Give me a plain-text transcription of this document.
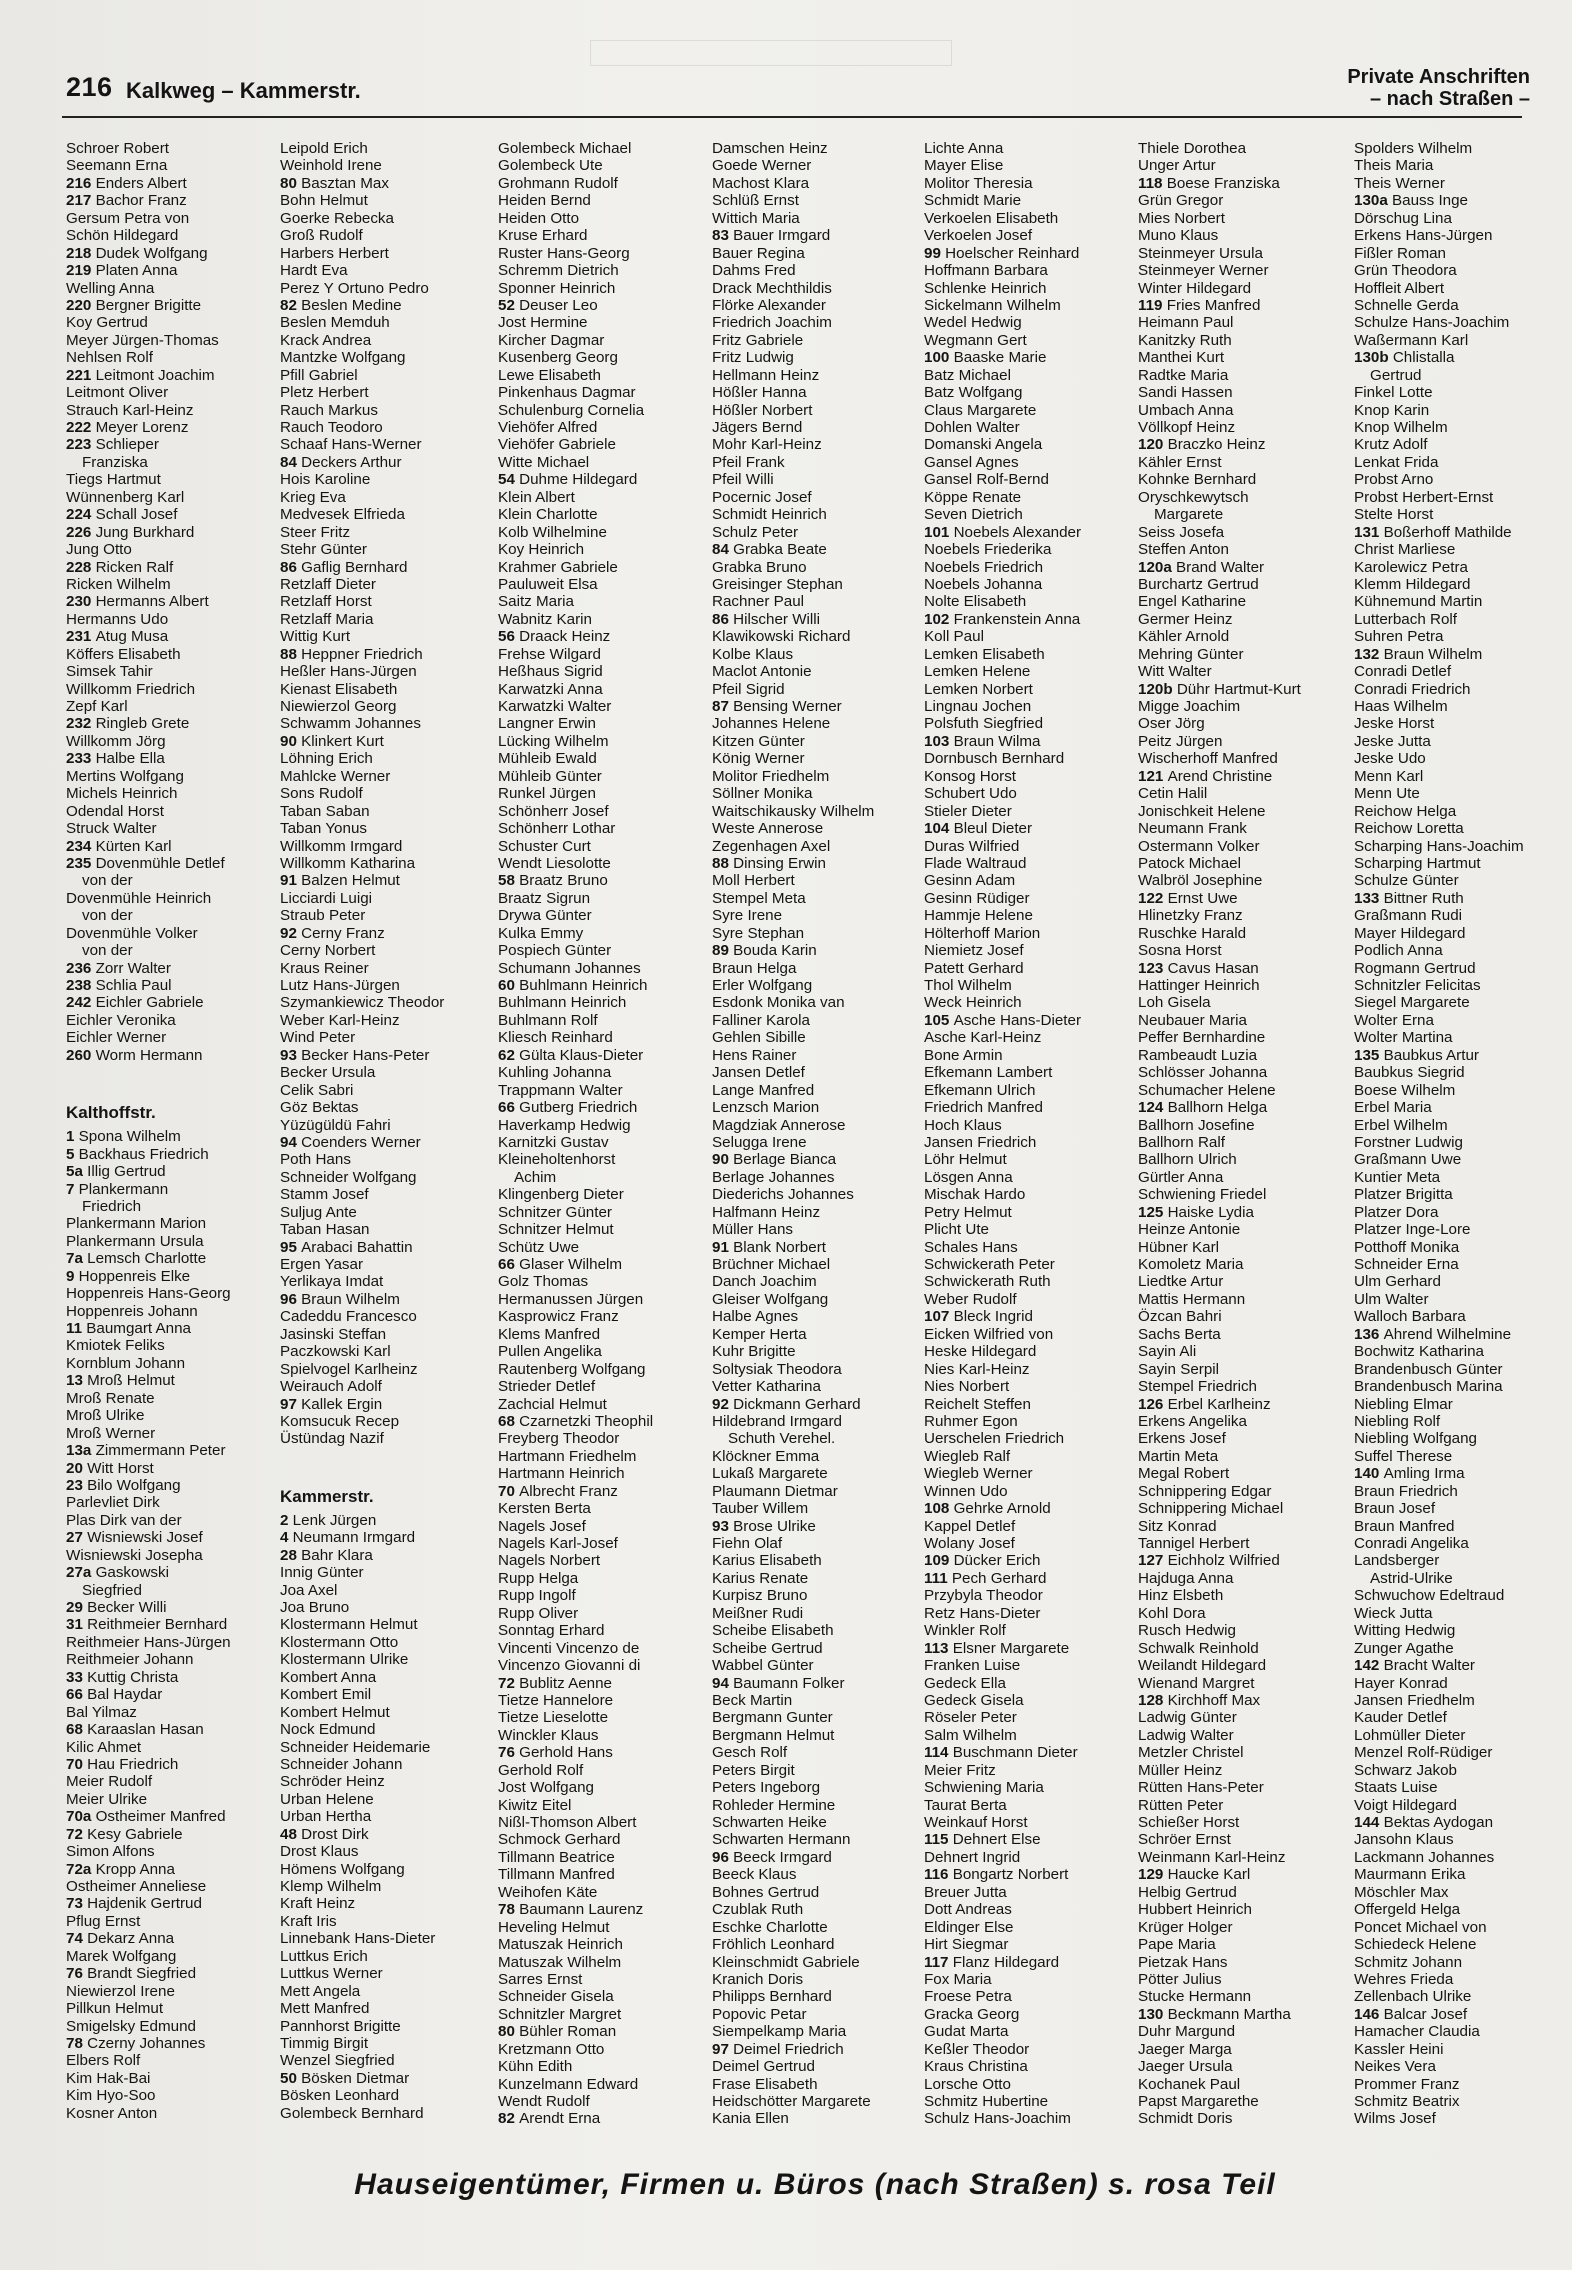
216 Kalkweg – Kammerstr.
Private Anschriften
– nach Straßen –
Schroer Robert
Seemann Erna
216 Enders Albert
217 Bachor Franz
Gersum Petra von
Schön Hildegard
218 Dudek Wolfgang
219 Platen Anna
Welling Anna
220 Bergner Brigitte
Koy Gertrud
Meyer Jürgen-Thomas
Nehlsen Rolf
221 Leitmont Joachim
Leitmont Oliver
Strauch Karl-Heinz
222 Meyer Lorenz
223 Schlieper
Franziska
Tiegs Hartmut
Wünnenberg Karl
224 Schall Josef
226 Jung Burkhard
Jung Otto
228 Ricken Ralf
Ricken Wilhelm
230 Hermanns Albert
Hermanns Udo
231 Atug Musa
Köffers Elisabeth
Simsek Tahir
Willkomm Friedrich
Zepf Karl
232 Ringleb Grete
Willkomm Jörg
233 Halbe Ella
Mertins Wolfgang
Michels Heinrich
Odendal Horst
Struck Walter
234 Kürten Karl
235 Dovenmühle Detlef
von der
Dovenmühle Heinrich
von der
Dovenmühle Volker
von der
236 Zorr Walter
238 Schlia Paul
242 Eichler Gabriele
Eichler Veronika
Eichler Werner
260 Worm Hermann
Kalthoffstr.
1 Spona Wilhelm
5 Backhaus Friedrich
5a Illig Gertrud
7 Plankermann
Friedrich
Plankermann Marion
Plankermann Ursula
7a Lemsch Charlotte
9 Hoppenreis Elke
Hoppenreis Hans-Georg
Hoppenreis Johann
11 Baumgart Anna
Kmiotek Feliks
Kornblum Johann
13 Mroß Helmut
Mroß Renate
Mroß Ulrike
Mroß Werner
13a Zimmermann Peter
20 Witt Horst
23 Bilo Wolfgang
Parlevliet Dirk
Plas Dirk van der
27 Wisniewski Josef
Wisniewski Josepha
27a Gaskowski
Siegfried
29 Becker Willi
31 Reithmeier Bernhard
Reithmeier Hans-Jürgen
Reithmeier Johann
33 Kuttig Christa
66 Bal Haydar
Bal Yilmaz
68 Karaaslan Hasan
Kilic Ahmet
70 Hau Friedrich
Meier Rudolf
Meier Ulrike
70a Ostheimer Manfred
72 Kesy Gabriele
Simon Alfons
72a Kropp Anna
Ostheimer Anneliese
73 Hajdenik Gertrud
Pflug Ernst
74 Dekarz Anna
Marek Wolfgang
76 Brandt Siegfried
Niewierzol Irene
Pillkun Helmut
Smigelsky Edmund
78 Czerny Johannes
Elbers Rolf
Kim Hak-Bai
Kim Hyo-Soo
Kosner Anton
Leipold Erich
Weinhold Irene
80 Basztan Max
Bohn Helmut
Goerke Rebecka
Groß Rudolf
Harbers Herbert
Hardt Eva
Perez Y Ortuno Pedro
82 Beslen Medine
Beslen Memduh
Krack Andrea
Mantzke Wolfgang
Pfill Gabriel
Pletz Herbert
Rauch Markus
Rauch Teodoro
Schaaf Hans-Werner
84 Deckers Arthur
Hois Karoline
Krieg Eva
Medvesek Elfrieda
Steer Fritz
Stehr Günter
86 Gaflig Bernhard
Retzlaff Dieter
Retzlaff Horst
Retzlaff Maria
Wittig Kurt
88 Heppner Friedrich
Heßler Hans-Jürgen
Kienast Elisabeth
Niewierzol Georg
Schwamm Johannes
90 Klinkert Kurt
Löhning Erich
Mahlcke Werner
Sons Rudolf
Taban Saban
Taban Yonus
Willkomm Irmgard
Willkomm Katharina
91 Balzen Helmut
Licciardi Luigi
Straub Peter
92 Cerny Franz
Cerny Norbert
Kraus Reiner
Lutz Hans-Jürgen
Szymankiewicz Theodor
Weber Karl-Heinz
Wind Peter
93 Becker Hans-Peter
Becker Ursula
Celik Sabri
Göz Bektas
Yüzügüldü Fahri
94 Coenders Werner
Poth Hans
Schneider Wolfgang
Stamm Josef
Suljug Ante
Taban Hasan
95 Arabaci Bahattin
Ergen Yasar
Yerlikaya Imdat
96 Braun Wilhelm
Cadeddu Francesco
Jasinski Steffan
Paczkowski Karl
Spielvogel Karlheinz
Weirauch Adolf
97 Kallek Ergin
Komsucuk Recep
Üstündag Nazif
Kammerstr.
2 Lenk Jürgen
4 Neumann Irmgard
28 Bahr Klara
Innig Günter
Joa Axel
Joa Bruno
Klostermann Helmut
Klostermann Otto
Klostermann Ulrike
Kombert Anna
Kombert Emil
Kombert Helmut
Nock Edmund
Schneider Heidemarie
Schneider Johann
Schröder Heinz
Urban Helene
Urban Hertha
48 Drost Dirk
Drost Klaus
Hömens Wolfgang
Klemp Wilhelm
Kraft Heinz
Kraft Iris
Linnebank Hans-Dieter
Luttkus Erich
Luttkus Werner
Mett Angela
Mett Manfred
Pannhorst Brigitte
Timmig Birgit
Wenzel Siegfried
50 Bösken Dietmar
Bösken Leonhard
Golembeck Bernhard
Golembeck Michael
Golembeck Ute
Grohmann Rudolf
Heiden Bernd
Heiden Otto
Kruse Erhard
Ruster Hans-Georg
Schremm Dietrich
Sponner Heinrich
52 Deuser Leo
Jost Hermine
Kircher Dagmar
Kusenberg Georg
Lewe Elisabeth
Pinkenhaus Dagmar
Schulenburg Cornelia
Viehöfer Alfred
Viehöfer Gabriele
Witte Michael
54 Duhme Hildegard
Klein Albert
Klein Charlotte
Kolb Wilhelmine
Koy Heinrich
Krahmer Gabriele
Pauluweit Elsa
Saitz Maria
Wabnitz Karin
56 Draack Heinz
Frehse Wilgard
Heßhaus Sigrid
Karwatzki Anna
Karwatzki Walter
Langner Erwin
Lücking Wilhelm
Mühleib Ewald
Mühleib Günter
Runkel Jürgen
Schönherr Josef
Schönherr Lothar
Schuster Curt
Wendt Liesolotte
58 Braatz Bruno
Braatz Sigrun
Drywa Günter
Kulka Emmy
Pospiech Günter
Schumann Johannes
60 Buhlmann Heinrich
Buhlmann Heinrich
Buhlmann Rolf
Kliesch Reinhard
62 Gülta Klaus-Dieter
Kuhling Johanna
Trappmann Walter
66 Gutberg Friedrich
Haverkamp Hedwig
Karnitzki Gustav
Kleineholtenhorst
Achim
Klingenberg Dieter
Schnitzer Günter
Schnitzer Helmut
Schütz Uwe
66 Glaser Wilhelm
Golz Thomas
Hermanussen Jürgen
Kasprowicz Franz
Klems Manfred
Pullen Angelika
Rautenberg Wolfgang
Strieder Detlef
Zachcial Helmut
68 Czarnetzki Theophil
Freyberg Theodor
Hartmann Friedhelm
Hartmann Heinrich
70 Albrecht Franz
Kersten Berta
Nagels Josef
Nagels Karl-Josef
Nagels Norbert
Rupp Helga
Rupp Ingolf
Rupp Oliver
Sonntag Erhard
Vincenti Vincenzo de
Vincenzo Giovanni di
72 Bublitz Aenne
Tietze Hannelore
Tietze Lieselotte
Winckler Klaus
76 Gerhold Hans
Gerhold Rolf
Jost Wolfgang
Kiwitz Eitel
Nißl-Thomson Albert
Schmock Gerhard
Tillmann Beatrice
Tillmann Manfred
Weihofen Käte
78 Baumann Laurenz
Heveling Helmut
Matuszak Heinrich
Matuszak Wilhelm
Sarres Ernst
Schneider Gisela
Schnitzler Margret
80 Bühler Roman
Kretzmann Otto
Kühn Edith
Kunzelmann Edward
Wendt Rudolf
82 Arendt Erna
Damschen Heinz
Goede Werner
Machost Klara
Schlüß Ernst
Wittich Maria
83 Bauer Irmgard
Bauer Regina
Dahms Fred
Drack Mechthildis
Flörke Alexander
Friedrich Joachim
Fritz Gabriele
Fritz Ludwig
Hellmann Heinz
Hößler Hanna
Hößler Norbert
Jägers Bernd
Mohr Karl-Heinz
Pfeil Frank
Pfeil Willi
Pocernic Josef
Schmidt Heinrich
Schulz Peter
84 Grabka Beate
Grabka Bruno
Greisinger Stephan
Rachner Paul
86 Hilscher Willi
Klawikowski Richard
Kolbe Klaus
Maclot Antonie
Pfeil Sigrid
87 Bensing Werner
Johannes Helene
Kitzen Günter
König Werner
Molitor Friedhelm
Söllner Monika
Waitschikausky Wilhelm
Weste Annerose
Zegenhagen Axel
88 Dinsing Erwin
Moll Herbert
Stempel Meta
Syre Irene
Syre Stephan
89 Bouda Karin
Braun Helga
Erler Wolfgang
Esdonk Monika van
Falliner Karola
Gehlen Sibille
Hens Rainer
Jansen Detlef
Lange Manfred
Lenzsch Marion
Magdziak Annerose
Selugga Irene
90 Berlage Bianca
Berlage Johannes
Diederichs Johannes
Halfmann Heinz
Müller Hans
91 Blank Norbert
Brüchner Michael
Danch Joachim
Gleiser Wolfgang
Halbe Agnes
Kemper Herta
Kuhr Brigitte
Soltysiak Theodora
Vetter Katharina
92 Dickmann Gerhard
Hildebrand Irmgard
Schuth Verehel.
Klöckner Emma
Lukaß Margarete
Plaumann Dietmar
Tauber Willem
93 Brose Ulrike
Fiehn Olaf
Karius Elisabeth
Karius Renate
Kurpisz Bruno
Meißner Rudi
Scheibe Elisabeth
Scheibe Gertrud
Wabbel Günter
94 Baumann Folker
Beck Martin
Bergmann Gunter
Bergmann Helmut
Gesch Rolf
Peters Birgit
Peters Ingeborg
Rohleder Hermine
Schwarten Heike
Schwarten Hermann
96 Beeck Irmgard
Beeck Klaus
Bohnes Gertrud
Czublak Ruth
Eschke Charlotte
Fröhlich Leonhard
Kleinschmidt Gabriele
Kranich Doris
Philipps Bernhard
Popovic Petar
Siempelkamp Maria
97 Deimel Friedrich
Deimel Gertrud
Frase Elisabeth
Heidschötter Margarete
Kania Ellen
Lichte Anna
Mayer Elise
Molitor Theresia
Schmidt Marie
Verkoelen Elisabeth
Verkoelen Josef
99 Hoelscher Reinhard
Hoffmann Barbara
Schlenke Heinrich
Sickelmann Wilhelm
Wedel Hedwig
Wegmann Gert
100 Baaske Marie
Batz Michael
Batz Wolfgang
Claus Margarete
Dohlen Walter
Domanski Angela
Gansel Agnes
Gansel Rolf-Bernd
Köppe Renate
Seven Dietrich
101 Noebels Alexander
Noebels Friederika
Noebels Friedrich
Noebels Johanna
Nolte Elisabeth
102 Frankenstein Anna
Koll Paul
Lemken Elisabeth
Lemken Helene
Lemken Norbert
Lingnau Jochen
Polsfuth Siegfried
103 Braun Wilma
Dornbusch Bernhard
Konsog Horst
Schubert Udo
Stieler Dieter
104 Bleul Dieter
Duras Wilfried
Flade Waltraud
Gesinn Adam
Gesinn Rüdiger
Hammje Helene
Hölterhoff Marion
Niemietz Josef
Patett Gerhard
Thol Wilhelm
Weck Heinrich
105 Asche Hans-Dieter
Asche Karl-Heinz
Bone Armin
Efkemann Lambert
Efkemann Ulrich
Friedrich Manfred
Hoch Klaus
Jansen Friedrich
Löhr Helmut
Lösgen Anna
Mischak Hardo
Petry Helmut
Plicht Ute
Schales Hans
Schwickerath Peter
Schwickerath Ruth
Weber Rudolf
107 Bleck Ingrid
Eicken Wilfried von
Heske Hildegard
Nies Karl-Heinz
Nies Norbert
Reichelt Steffen
Ruhmer Egon
Uerschelen Friedrich
Wiegleb Ralf
Wiegleb Werner
Winnen Udo
108 Gehrke Arnold
Kappel Detlef
Wolany Josef
109 Dücker Erich
111 Pech Gerhard
Przybyla Theodor
Retz Hans-Dieter
Winkler Rolf
113 Elsner Margarete
Franken Luise
Gedeck Ella
Gedeck Gisela
Röseler Peter
Salm Wilhelm
114 Buschmann Dieter
Meier Fritz
Schwiening Maria
Taurat Berta
Weinkauf Horst
115 Dehnert Else
Dehnert Ingrid
116 Bongartz Norbert
Breuer Jutta
Dott Andreas
Eldinger Else
Hirt Siegmar
117 Flanz Hildegard
Fox Maria
Froese Petra
Gracka Georg
Gudat Marta
Keßler Theodor
Kraus Christina
Lorsche Otto
Schmitz Hubertine
Schulz Hans-Joachim
Thiele Dorothea
Unger Artur
118 Boese Franziska
Grün Gregor
Mies Norbert
Muno Klaus
Steinmeyer Ursula
Steinmeyer Werner
Winter Hildegard
119 Fries Manfred
Heimann Paul
Kanitzky Ruth
Manthei Kurt
Radtke Maria
Sandi Hassen
Umbach Anna
Völlkopf Heinz
120 Braczko Heinz
Kähler Ernst
Kohnke Bernhard
Oryschkewytsch
Margarete
Seiss Josefa
Steffen Anton
120a Brand Walter
Burchartz Gertrud
Engel Katharine
Germer Heinz
Kähler Arnold
Mehring Günter
Witt Walter
120b Dühr Hartmut-Kurt
Migge Joachim
Oser Jörg
Peitz Jürgen
Wischerhoff Manfred
121 Arend Christine
Cetin Halil
Jonischkeit Helene
Neumann Frank
Ostermann Volker
Patock Michael
Walbröl Josephine
122 Ernst Uwe
Hlinetzky Franz
Ruschke Harald
Sosna Horst
123 Cavus Hasan
Hattinger Heinrich
Loh Gisela
Neubauer Maria
Peffer Bernhardine
Rambeaudt Luzia
Schlösser Johanna
Schumacher Helene
124 Ballhorn Helga
Ballhorn Josefine
Ballhorn Ralf
Ballhorn Ulrich
Gürtler Anna
Schwiening Friedel
125 Haiske Lydia
Heinze Antonie
Hübner Karl
Komoletz Maria
Liedtke Artur
Mattis Hermann
Özcan Bahri
Sachs Berta
Sayin Ali
Sayin Serpil
Stempel Friedrich
126 Erbel Karlheinz
Erkens Angelika
Erkens Josef
Martin Meta
Megal Robert
Schnippering Edgar
Schnippering Michael
Sitz Konrad
Tannigel Herbert
127 Eichholz Wilfried
Hajduga Anna
Hinz Elsbeth
Kohl Dora
Rusch Hedwig
Schwalk Reinhold
Weilandt Hildegard
Wienand Margret
128 Kirchhoff Max
Ladwig Günter
Ladwig Walter
Metzler Christel
Müller Heinz
Rütten Hans-Peter
Rütten Peter
Schießer Horst
Schröer Ernst
Weinmann Karl-Heinz
129 Haucke Karl
Helbig Gertrud
Hubbert Heinrich
Krüger Holger
Pape Maria
Pietzak Hans
Pötter Julius
Stucke Hermann
130 Beckmann Martha
Duhr Margund
Jaeger Marga
Jaeger Ursula
Kochanek Paul
Papst Margarethe
Schmidt Doris
Spolders Wilhelm
Theis Maria
Theis Werner
130a Bauss Inge
Dörschug Lina
Erkens Hans-Jürgen
Fißler Roman
Grün Theodora
Hoffleit Albert
Schnelle Gerda
Schulze Hans-Joachim
Waßermann Karl
130b Chlistalla
Gertrud
Finkel Lotte
Knop Karin
Knop Wilhelm
Krutz Adolf
Lenkat Frida
Probst Arno
Probst Herbert-Ernst
Stelte Horst
131 Boßerhoff Mathilde
Christ Marliese
Karolewicz Petra
Klemm Hildegard
Kühnemund Martin
Lutterbach Rolf
Suhren Petra
132 Braun Wilhelm
Conradi Detlef
Conradi Friedrich
Haas Wilhelm
Jeske Horst
Jeske Jutta
Jeske Udo
Menn Karl
Menn Ute
Reichow Helga
Reichow Loretta
Scharping Hans-Joachim
Scharping Hartmut
Schulze Günter
133 Bittner Ruth
Graßmann Rudi
Mayer Hildegard
Podlich Anna
Rogmann Gertrud
Schnitzler Felicitas
Siegel Margarete
Wolter Erna
Wolter Martina
135 Baubkus Artur
Baubkus Siegrid
Boese Wilhelm
Erbel Maria
Erbel Wilhelm
Forstner Ludwig
Graßmann Uwe
Kuntier Meta
Platzer Brigitta
Platzer Dora
Platzer Inge-Lore
Potthoff Monika
Schneider Erna
Ulm Gerhard
Ulm Walter
Walloch Barbara
136 Ahrend Wilhelmine
Bochwitz Katharina
Brandenbusch Günter
Brandenbusch Marina
Niebling Elmar
Niebling Rolf
Niebling Wolfgang
Suffel Therese
140 Amling Irma
Braun Friedrich
Braun Josef
Braun Manfred
Conradi Angelika
Landsberger
Astrid-Ulrike
Schwuchow Edeltraud
Wieck Jutta
Witting Hedwig
Zunger Agathe
142 Bracht Walter
Hayer Konrad
Jansen Friedhelm
Kauder Detlef
Lohmüller Dieter
Menzel Rolf-Rüdiger
Schwarz Jakob
Staats Luise
Voigt Hildegard
144 Bektas Aydogan
Jansohn Klaus
Lackmann Johannes
Maurmann Erika
Möschler Max
Offergeld Helga
Poncet Michael von
Schiedeck Helene
Schmitz Johann
Wehres Frieda
Zellenbach Ulrike
146 Balcar Josef
Hamacher Claudia
Kassler Heini
Neikes Vera
Prommer Franz
Schmitz Beatrix
Wilms Josef
Hauseigentümer, Firmen u. Büros (nach Straßen) s. rosa Teil
